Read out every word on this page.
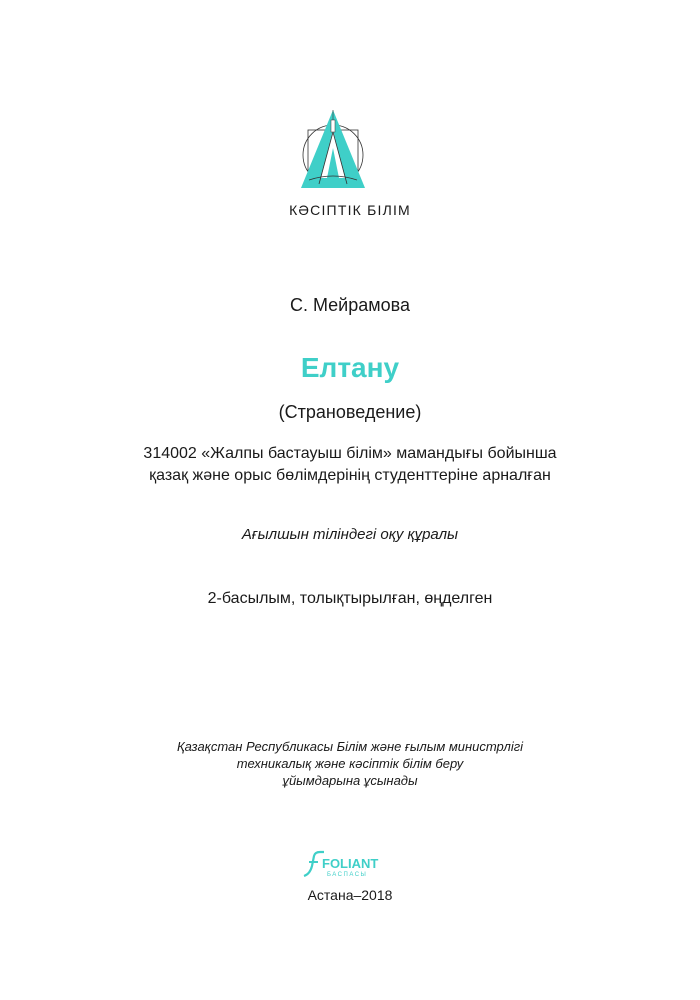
КӘСІПТІК БІЛІМ
С. Мейрамова
Елтану
(Страноведение)
314002 «Жалпы бастауыш білім» мамандығы бойынша
қазақ және орыс бөлімдерінің студенттеріне арналған
Ағылшын тіліндегі оқу құралы
2-басылым, толықтырылған, өңделген
Қазақстан Республикасы Білім және ғылым министрлігі
техникалық және кәсіптік білім беру
ұйымдарына ұсынады
FOLIANT
БАСПАСЫ
Астана–2018
